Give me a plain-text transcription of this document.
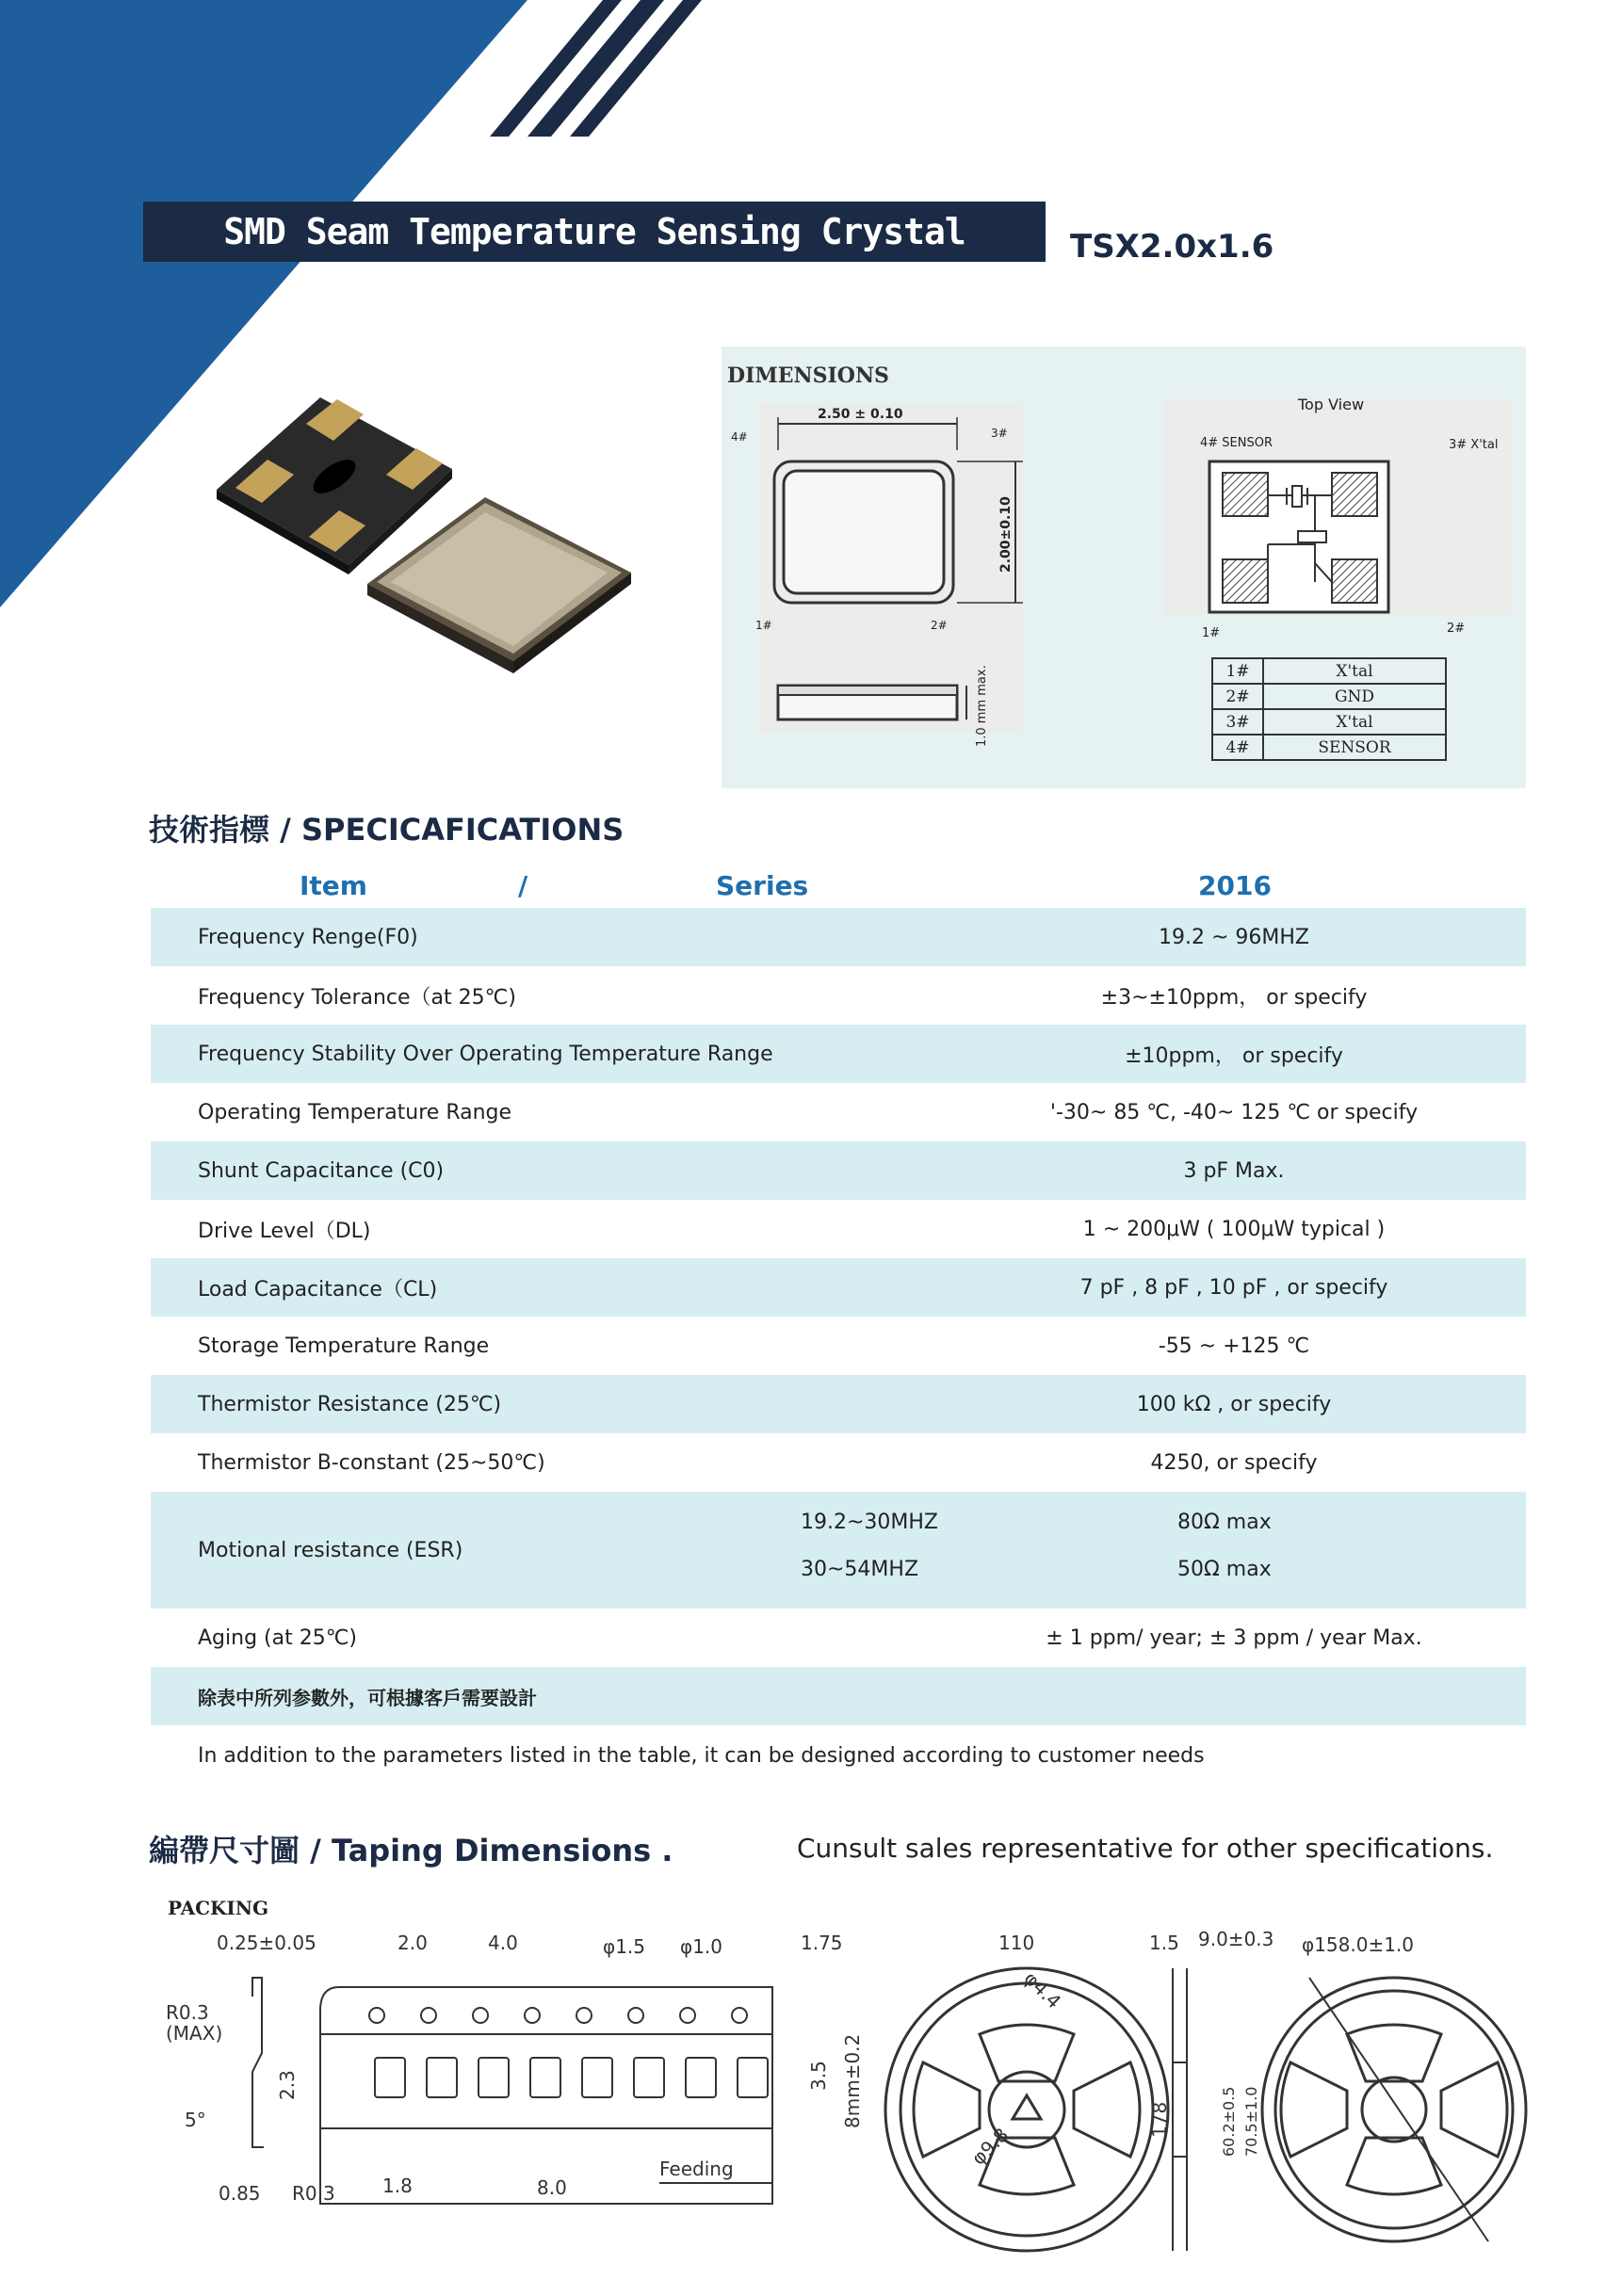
SMD Seam Temperature Sensing Crystal	TSX2.0x1.6
DIMENSIONS
2.50 ± 0.10
4#	3#
2.00±0.10
1#	2#
1.0 mm max.
Top View
4# SENSOR	3# X'tal
1#	2#
1#	X'tal
2#	GND
3#	X'tal
4#	SENSOR
技術指標 / SPECICAFICATIONS
Item	/	Series	2016
Frequency Renge(F0)	19.2 ~ 96MHZ
Frequency Tolerance（at 25℃)	±3~±10ppm， or specify
Frequency Stability Over Operating Temperature Range	±10ppm， or specify
Operating Temperature Range	'-30~ 85 ℃, -40~ 125 ℃ or specify
Shunt Capacitance (C0)	3 pF Max.
Drive Level（DL)	1 ~ 200μW ( 100μW typical )
Load Capacitance（CL)	7 pF , 8 pF , 10 pF , or specify
Storage Temperature Range	-55 ~ +125 ℃
Thermistor Resistance (25℃)	100 kΩ , or specify
Thermistor B-constant (25~50℃)	4250, or specify
Motional resistance (ESR)
19.2~30MHZ	80Ω max
30~54MHZ	50Ω max
Aging (at 25℃)	± 1 ppm/ year; ± 3 ppm / year Max.
除表中所列参數外，可根據客戶需要設計
In addition to the parameters listed in the table, it can be designed according to customer needs
編帶尺寸圖 / Taping Dimensions .	Cunsult sales representative for other specifications.
PACKING
0.25±0.05	2.0	4.0	φ1.5 φ1.0	1.75
R0.3
(MAX)
2.3	3.5 8mm±0.2
5°
0.85 R0.3	1.8	8.0
Feeding
110
φ4.4
φ9.8
1.5 9.0±0.3
178	60.2±0.5 70.5±1.0
φ158.0±1.0
